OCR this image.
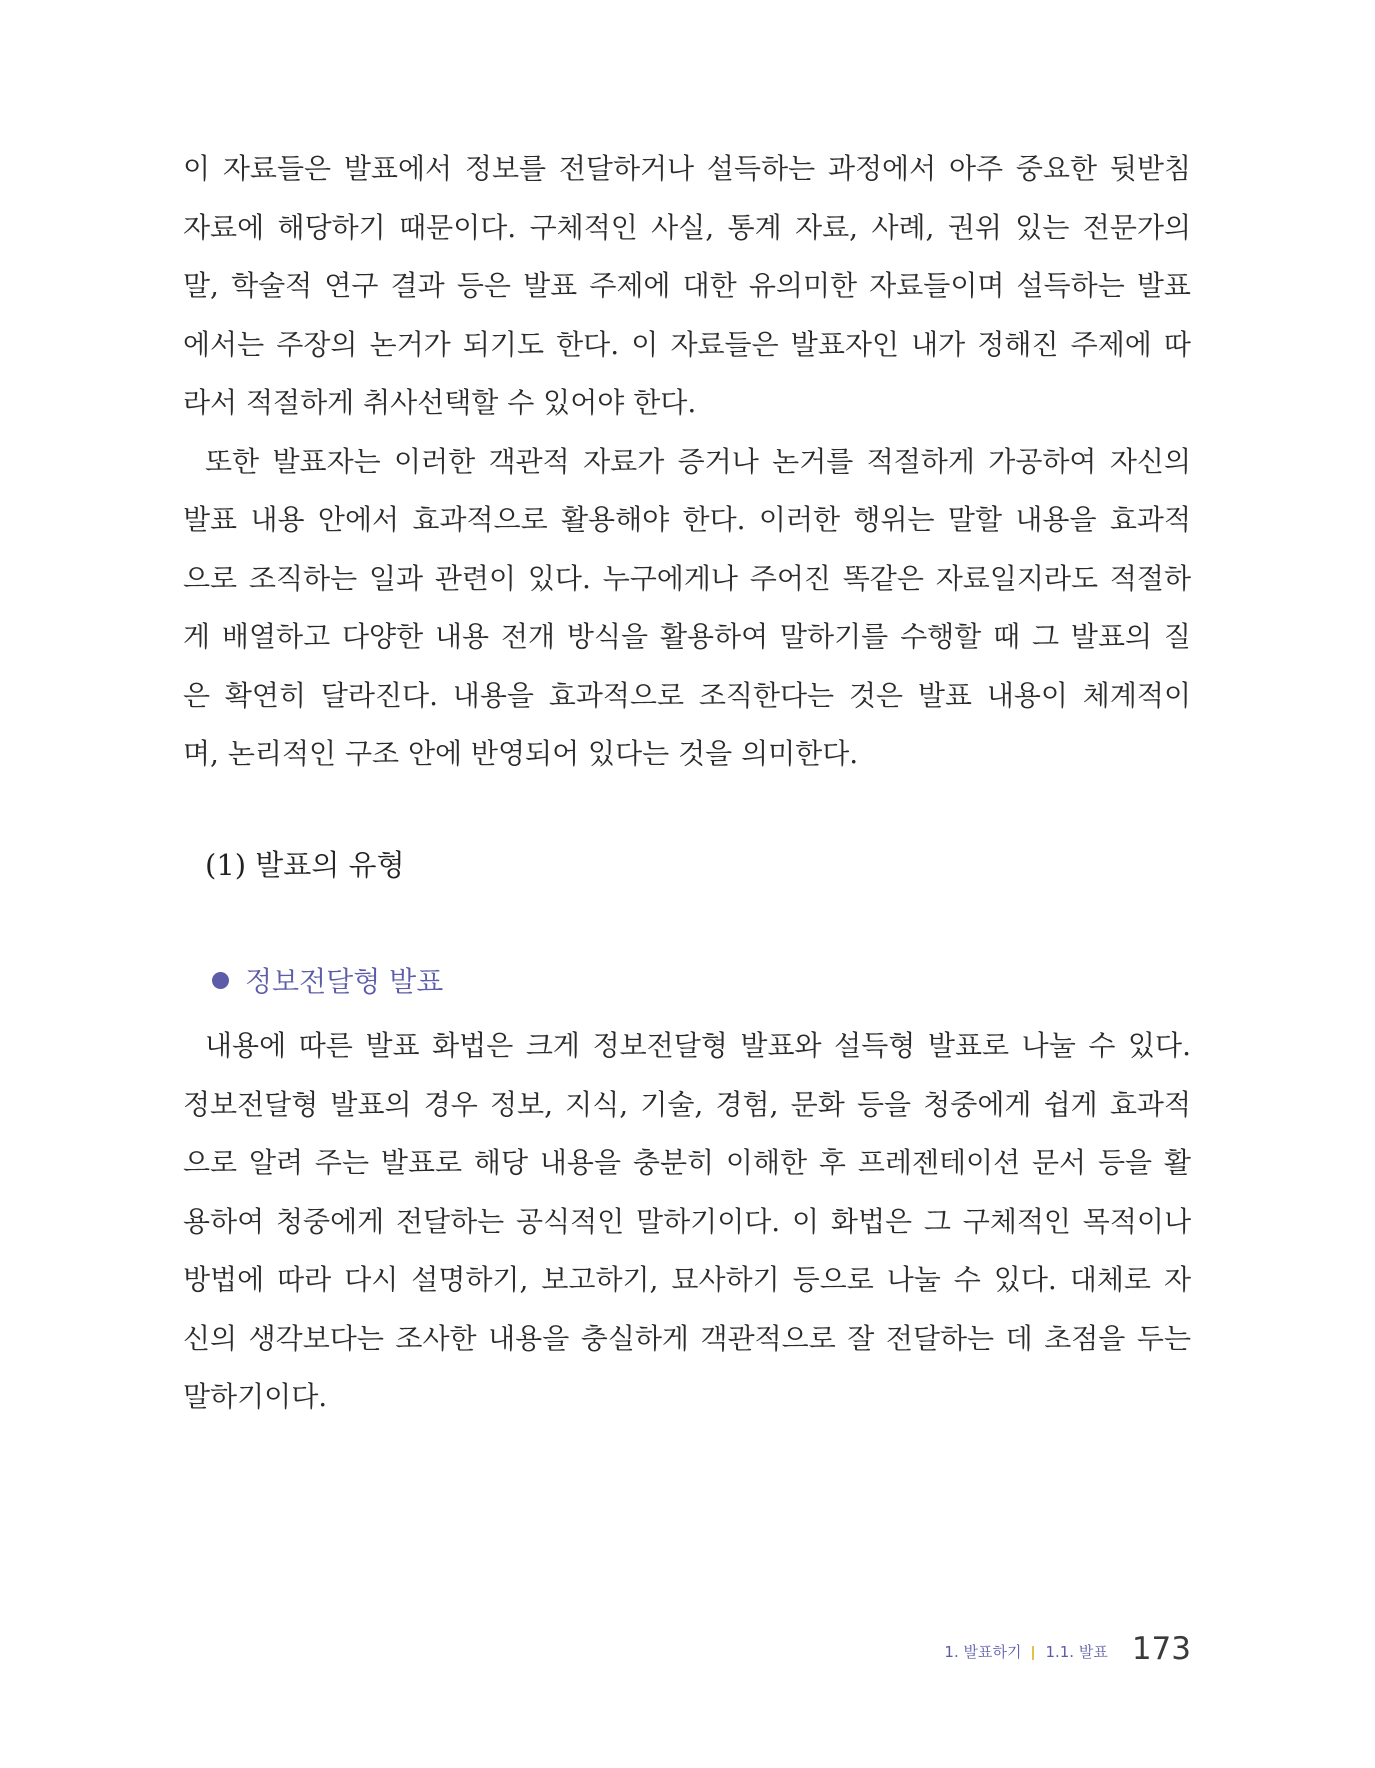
이 자료들은 발표에서 정보를 전달하거나 설득하는 과정에서 아주 중요한 뒷받침
자료에 해당하기 때문이다. 구체적인 사실, 통계 자료, 사례, 권위 있는 전문가의
말, 학술적 연구 결과 등은 발표 주제에 대한 유의미한 자료들이며 설득하는 발표
에서는 주장의 논거가 되기도 한다. 이 자료들은 발표자인 내가 정해진 주제에 따
라서 적절하게 취사선택할 수 있어야 한다.
또한 발표자는 이러한 객관적 자료가 증거나 논거를 적절하게 가공하여 자신의
발표 내용 안에서 효과적으로 활용해야 한다. 이러한 행위는 말할 내용을 효과적
으로 조직하는 일과 관련이 있다. 누구에게나 주어진 똑같은 자료일지라도 적절하
게 배열하고 다양한 내용 전개 방식을 활용하여 말하기를 수행할 때 그 발표의 질
은 확연히 달라진다. 내용을 효과적으로 조직한다는 것은 발표 내용이 체계적이
며, 논리적인 구조 안에 반영되어 있다는 것을 의미한다.
(1) 발표의 유형
정보전달형 발표
내용에 따른 발표 화법은 크게 정보전달형 발표와 설득형 발표로 나눌 수 있다.
정보전달형 발표의 경우 정보, 지식, 기술, 경험, 문화 등을 청중에게 쉽게 효과적
으로 알려 주는 발표로 해당 내용을 충분히 이해한 후 프레젠테이션 문서 등을 활
용하여 청중에게 전달하는 공식적인 말하기이다. 이 화법은 그 구체적인 목적이나
방법에 따라 다시 설명하기, 보고하기, 묘사하기 등으로 나눌 수 있다. 대체로 자
신의 생각보다는 조사한 내용을 충실하게 객관적으로 잘 전달하는 데 초점을 두는
말하기이다.
1. 발표하기 1.1. 발표 173
